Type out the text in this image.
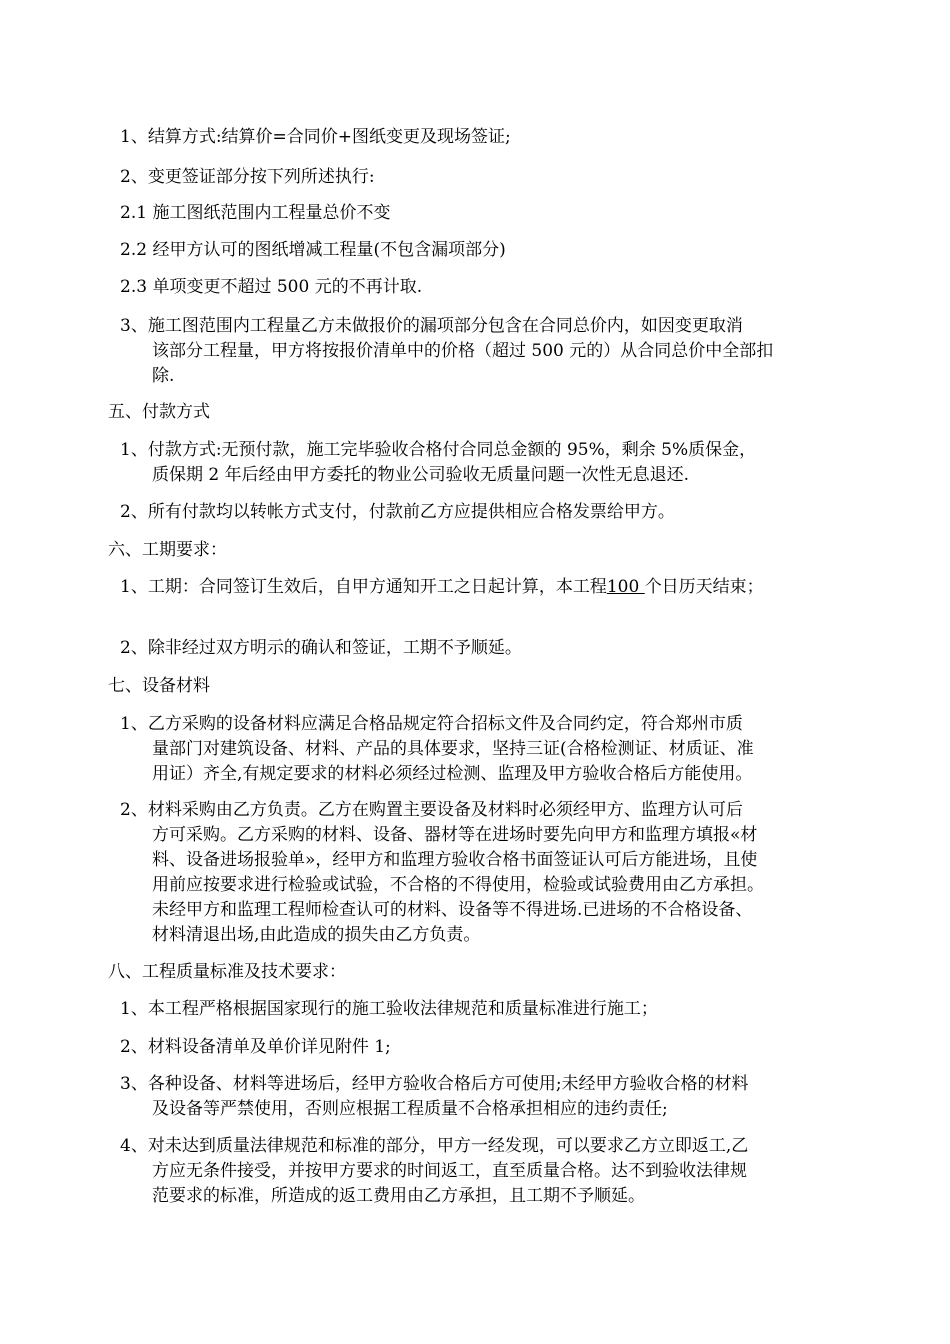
1、结算方式:结算价=合同价+图纸变更及现场签证;
2、变更签证部分按下列所述执行:
2.1 施工图纸范围内工程量总价不变
2.2 经甲方认可的图纸增减工程量(不包含漏项部分)
2.3 单项变更不超过 500 元的不再计取.
3、施工图范围内工程量乙方未做报价的漏项部分包含在合同总价内，如因变更取消
该部分工程量，甲方将按报价清单中的价格（超过 500 元的）从合同总价中全部扣
除.
五、付款方式
1、付款方式:无预付款，施工完毕验收合格付合同总金额的 95%，剩余 5%质保金，
质保期 2 年后经由甲方委托的物业公司验收无质量问题一次性无息退还.
2、所有付款均以转帐方式支付，付款前乙方应提供相应合格发票给甲方。
六、工期要求：
1、工期：合同签订生效后，自甲方通知开工之日起计算，本工程100 个日历天结束；
2、除非经过双方明示的确认和签证，工期不予顺延。
七、设备材料
1、乙方采购的设备材料应满足合格品规定符合招标文件及合同约定，符合郑州市质
量部门对建筑设备、材料、产品的具体要求，坚持三证(合格检测证、材质证、准
用证）齐全,有规定要求的材料必须经过检测、监理及甲方验收合格后方能使用。
2、材料采购由乙方负责。乙方在购置主要设备及材料时必须经甲方、监理方认可后
方可采购。乙方采购的材料、设备、器材等在进场时要先向甲方和监理方填报«材
料、设备进场报验单»，经甲方和监理方验收合格书面签证认可后方能进场，且使
用前应按要求进行检验或试验，不合格的不得使用，检验或试验费用由乙方承担。
未经甲方和监理工程师检查认可的材料、设备等不得进场.已进场的不合格设备、
材料清退出场,由此造成的损失由乙方负责。
八、工程质量标准及技术要求：
1、本工程严格根据国家现行的施工验收法律规范和质量标准进行施工；
2、材料设备清单及单价详见附件 1;
3、各种设备、材料等进场后，经甲方验收合格后方可使用;未经甲方验收合格的材料
及设备等严禁使用，否则应根据工程质量不合格承担相应的违约责任;
4、对未达到质量法律规范和标准的部分，甲方一经发现，可以要求乙方立即返工,乙
方应无条件接受，并按甲方要求的时间返工，直至质量合格。达不到验收法律规
范要求的标准，所造成的返工费用由乙方承担，且工期不予顺延。
